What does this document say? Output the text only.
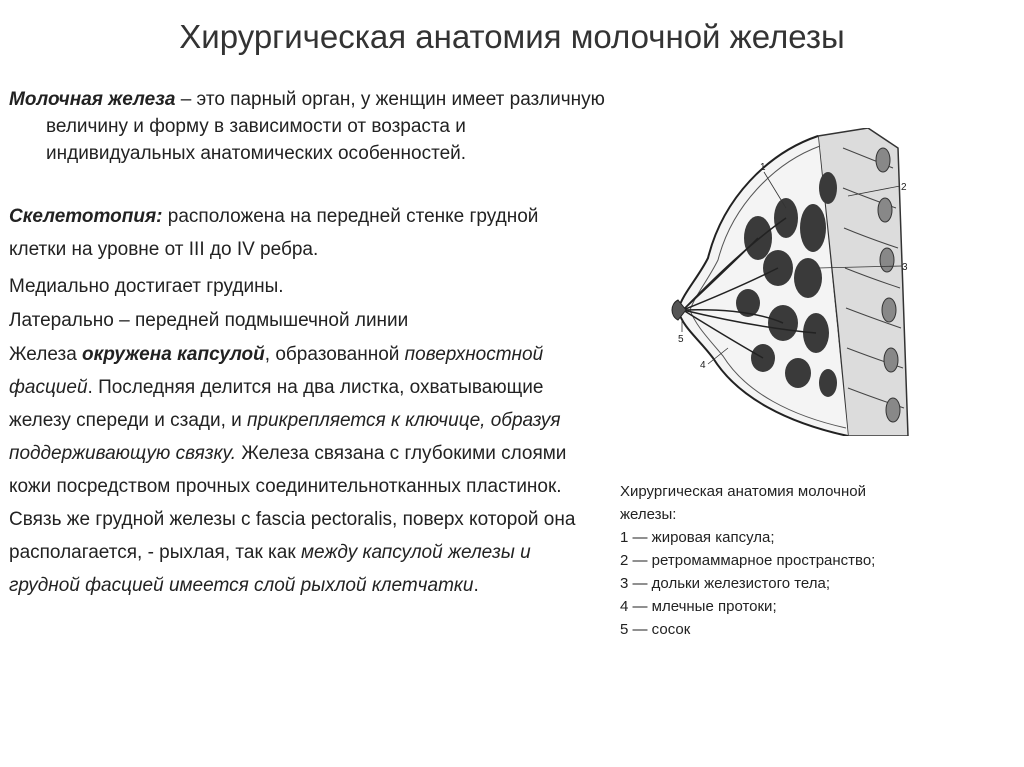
Хирургическая анатомия молочной железы
Молочная железа – это парный орган, у женщин имеет различную величину и форму в зависимости от возраста и индивидуальных анатомических особенностей.
Скелетотопия: расположена на передней стенке грудной клетки на уровне от III до IV ребра.
Медиально достигает грудины.
Латерально – передней подмышечной линии
Железа окружена капсулой, образованной поверхностной фасцией. Последняя делится на два листка, охватывающие железу спереди и сзади, и прикрепляется к ключице, образуя поддерживающую связку. Железа связана с глубокими слоями кожи посредством прочных соединительнотканных пластинок. Связь же грудной железы с fascia pectoralis, поверх которой она располагается, - рыхлая, так как между капсулой железы и грудной фасцией имеется слой рыхлой клетчатки.
1
2
3
4
5
Хирургическая анатомия молочной железы:
1 — жировая капсула;
2 — ретромаммарное пространство;
3 — дольки железистого тела;
4 — млечные протоки;
5 — сосок
